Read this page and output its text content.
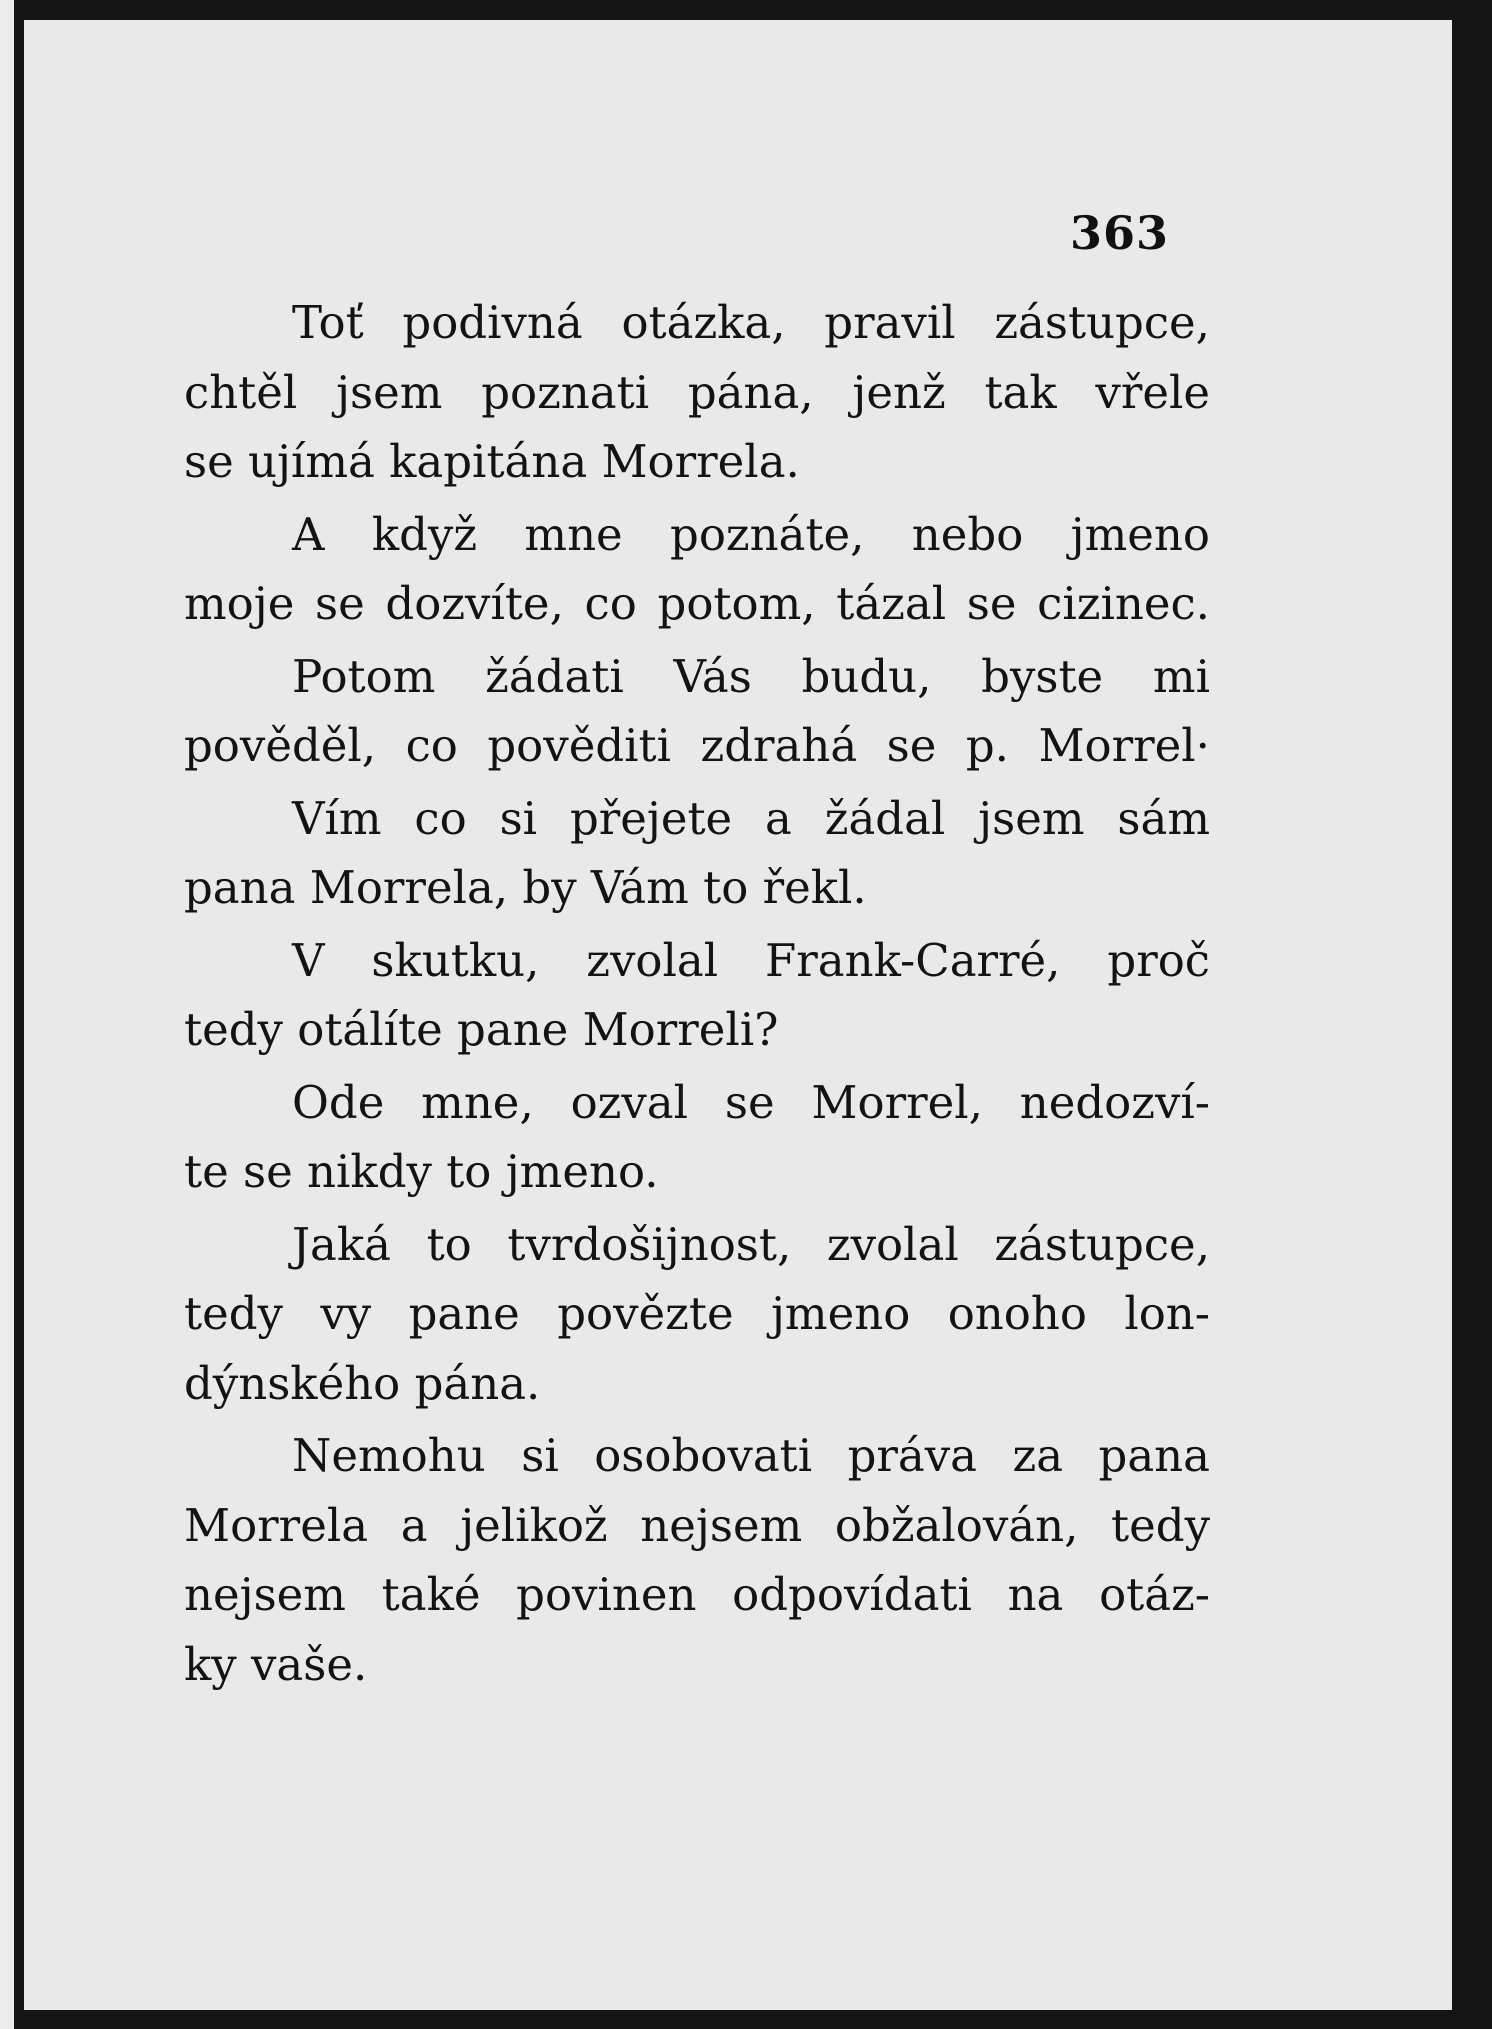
363
Toť podivná otázka, pravil zástupce,
chtěl jsem poznati pána, jenž tak vřele
se ujímá kapitána Morrela.
A když mne poznáte, nebo jmeno
moje se dozvíte, co potom, tázal se cizinec.
Potom žádati Vás budu, byste mi
pověděl, co pověditi zdrahá se p. Morrel·
Vím co si přejete a žádal jsem sám
pana Morrela, by Vám to řekl.
V skutku, zvolal Frank-Carré, proč
tedy otálíte pane Morreli?
Ode mne, ozval se Morrel, nedozví-
te se nikdy to jmeno.
Jaká to tvrdošijnost, zvolal zástupce,
tedy vy pane povězte jmeno onoho lon-
dýnského pána.
Nemohu si osobovati práva za pana
Morrela a jelikož nejsem obžalován, tedy
nejsem také povinen odpovídati na otáz-
ky vaše.
